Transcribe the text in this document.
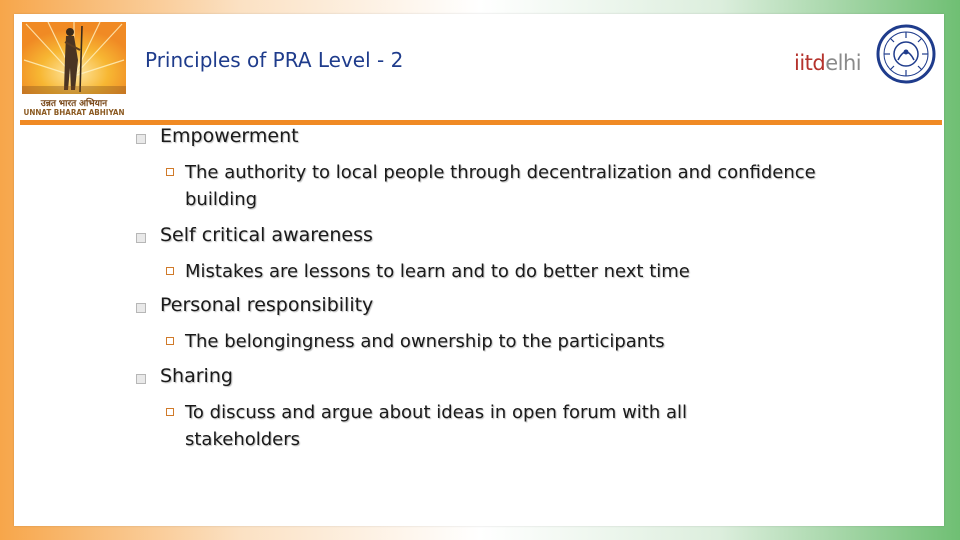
उन्नत भारत अभियान
UNNAT BHARAT ABHIYAN
Principles of PRA Level - 2	iitdelhi
Empowerment
The authority to local people through decentralization and confidence building
Self critical awareness
Mistakes are lessons to learn and to do better next time
Personal responsibility
The belongingness and ownership to the participants
Sharing
To discuss and argue about ideas in open forum with all stakeholders
